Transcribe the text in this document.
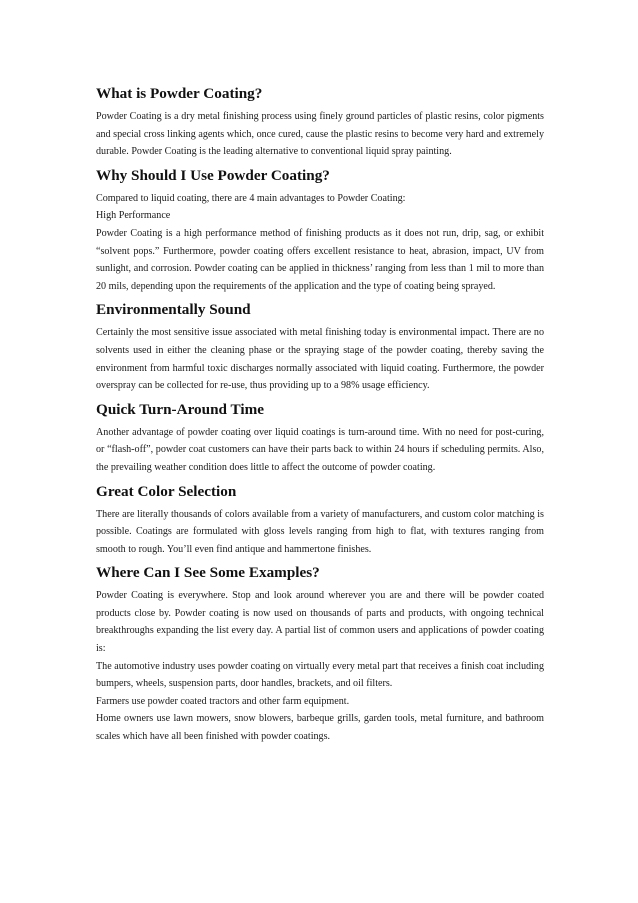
What is Powder Coating?

Powder Coating is a dry metal finishing process using finely ground particles of plastic resins, color pigments and special cross linking agents which, once cured, cause the plastic resins to become very hard and extremely durable. Powder Coating is the leading alternative to conventional liquid spray painting.

Why Should I Use Powder Coating?

Compared to liquid coating, there are 4 main advantages to Powder Coating:

High Performance

Powder Coating is a high performance method of finishing products as it does not run, drip, sag, or exhibit “solvent pops.” Furthermore, powder coating offers excellent resistance to heat, abrasion, impact, UV from sunlight, and corrosion. Powder coating can be applied in thickness’ ranging from less than 1 mil to more than 20 mils, depending upon the requirements of the application and the type of coating being sprayed.

Environmentally Sound

Certainly the most sensitive issue associated with metal finishing today is environmental impact. There are no solvents used in either the cleaning phase or the spraying stage of the powder coating, thereby saving the environment from harmful toxic discharges normally associated with liquid coating. Furthermore, the powder overspray can be collected for re-use, thus providing up to a 98% usage efficiency.

Quick Turn-Around Time

Another advantage of powder coating over liquid coatings is turn-around time. With no need for post-curing, or “flash-off”, powder coat customers can have their parts back to within 24 hours if scheduling permits. Also, the prevailing weather condition does little to affect the outcome of powder coating.

Great Color Selection

There are literally thousands of colors available from a variety of manufacturers, and custom color matching is possible. Coatings are formulated with gloss levels ranging from high to flat, with textures ranging from smooth to rough. You’ll even find antique and hammertone finishes.

Where Can I See Some Examples?

Powder Coating is everywhere. Stop and look around wherever you are and there will be powder coated products close by. Powder coating is now used on thousands of parts and products, with ongoing technical breakthroughs expanding the list every day. A partial list of common users and applications of powder coating is:

The automotive industry uses powder coating on virtually every metal part that receives a finish coat including bumpers, wheels, suspension parts, door handles, brackets, and oil filters.

Farmers use powder coated tractors and other farm equipment.

Home owners use lawn mowers, snow blowers, barbeque grills, garden tools, metal furniture, and bathroom scales which have all been finished with powder coatings.
